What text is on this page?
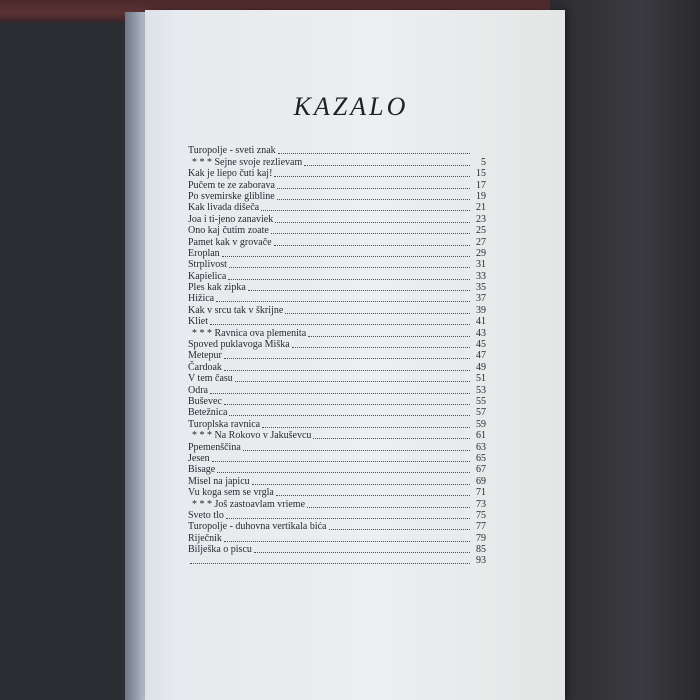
KAZALO
Turopolje - sveti znak
* * * Sejne svoje rezlievam	5
Kak je liepo čuti kaj!	15
Pučem te ze zaborava	17
Po svemirske glibline	19
Kak livada dišeča	21
Joa i ti-jeno zanaviek	23
Ono kaj čutim zoate	25
Pamet kak v grovače	27
Eroplan	29
Strplivost	31
Kapielica	33
Ples kak zipka	35
Hižica	37
Kak v srcu tak v škrijne	39
Kliet	41
* * * Ravnica ova plemenita	43
Spoved puklavoga Miška	45
Metepur	47
Čardoak	49
V tem času	51
Odra	53
Buševec	55
Betežnica	57
Turoplska ravnica	59
* * * Na Rokovo v Jakuševcu	61
Ppemenščina	63
Jesen	65
Bisage	67
Misel na japicu	69
Vu koga sem se vrgla	71
* * * Još zastoavlam vrieme	73
Sveto tlo	75
Turopolje - duhovna vertikala bića	77
Riječnik	79
Bilješka o piscu	85
93
